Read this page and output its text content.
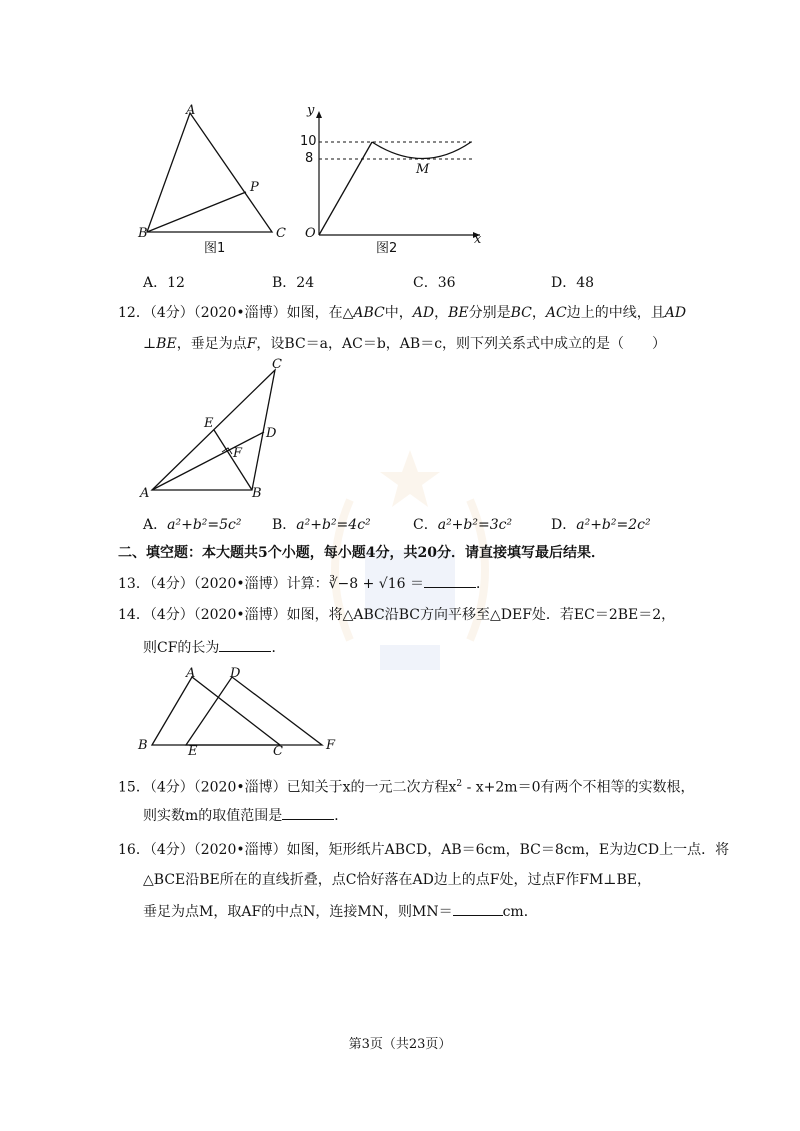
A
B	C
P
图1
y
10
8
O
M
x
图2
A．12	B．24	C．36	D．48
12．（4分）（2020•淄博）如图，在△ABC中，AD，BE分别是BC，AC边上的中线，且AD
⊥BE，垂足为点F，设BC＝a，AC＝b，AB＝c，则下列关系式中成立的是（　　）
C
E
D
F
A	B
A．a²+b²=5c² B．a²+b²=4c²	C．a²+b²=3c²	D．a²+b²=2c²
二、填空题：本大题共5个小题，每小题4分，共20分．请直接填写最后结果．
13．（4分）（2020•淄博）计算：∛−8 + √16 ＝	．
14．（4分）（2020•淄博）如图，将△ABC沿BC方向平移至△DEF处．若EC＝2BE＝2，
则CF的长为	．
A	D
B	E	C	F
15．（4分）（2020•淄博）已知关于x的一元二次方程$x^2 - x+2m=0$有两个不相等的实数根，
则实数m的取值范围是	．
16．（4分）（2020•淄博）如图，矩形纸片ABCD，AB＝6cm，BC＝8cm，E为边CD上一点．将
△BCE沿BE所在的直线折叠，点C恰好落在AD边上的点F处，过点F作FM⊥BE，
垂足为点M，取AF的中点N，连接MN，则MN＝	cm．
第3页（共23页）
